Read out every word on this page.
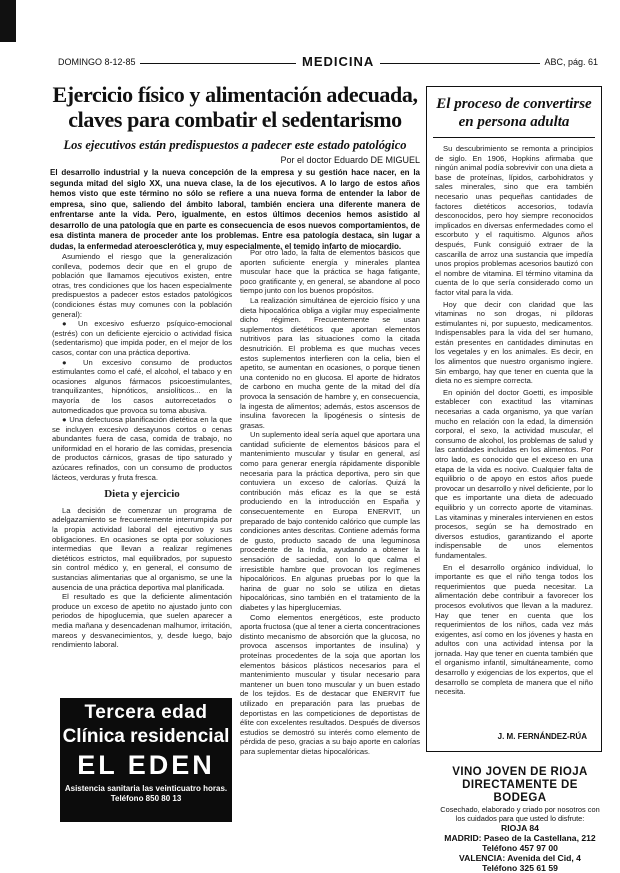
DOMINGO 8-12-85	MEDICINA	ABC, pág. 61
Ejercicio físico y alimentación adecuada, claves para combatir el sedentarismo
Los ejecutivos están predispuestos a padecer este estado patológico
Por el doctor Eduardo DE MIGUEL
El desarrollo industrial y la nueva concepción de la empresa y su gestión hace nacer, en la segunda mitad del siglo XX, una nueva clase, la de los ejecutivos. A lo largo de estos años hemos visto que este término no sólo se refiere a una nueva forma de entender la labor de empresa, sino que, saliendo del ámbito laboral, también enciera una diferente manera de enfrentarse ante la vida. Pero, igualmente, en estos últimos decenios hemos asistido al desarrollo de una patología que en parte es consecuencia de esos nuevos comportamientos, de esa distinta manera de proceder ante los problemas. Entre esa patología destaca, sin lugar a dudas, la enfermedad ateroesclerótica y, muy especialmente, el temido infarto de miocardio.

Asumiendo el riesgo que la generalización conlleva, podemos decir que en el grupo de población que llamamos ejecutivos existen, entre otras, tres condiciones que los hacen especialmente predispuestos a padecer estos estados patológicos (condiciones éstas muy comunes con la población general):

● Un excesivo esfuerzo psíquico-emocional (estrés) con un deficiente ejercicio o actividad física (sedentarismo) que impida poder, en el mejor de los casos, contar con una práctica deportiva.

● Un excesivo consumo de productos estimulantes como el café, el alcohol, el tabaco y en ocasiones algunos fármacos psicoestimulantes, tranquilizantes, hipnóticos, ansiolíticos... en la mayoría de los casos autorrecetados o automedicados que provoca su toma abusiva.

● Una defectuosa planificación dietética en la que se incluyen excesivo desayunos cortos o cenas abundantes fuera de casa, comida de trabajo, no uniformidad en el horario de las comidas, presencia de productos cárnicos, grasas de tipo saturado y azúcares refinados, con un consumo de productos lácteos, verduras y fruta fresca.

Dieta y ejercicio

La decisión de comenzar un programa de adelgazamiento se frecuentemente interrumpida por la propia actividad laboral del ejecutivo y sus obligaciones. En ocasiones se opta por soluciones intermedias que llevan a realizar regímenes dietéticos estrictos, mal equilibrados, por supuesto sin control médico y, en general, el consumo de sustancias alimentarias que al organismo, se une la ausencia de una práctica deportiva mal planificada.

El resultado es que la deficiente alimentación produce un exceso de apetito no ajustado junto con periodos de hipoglucemia, que suelen aparecer a media mañana y desencadenan malhumor, irritación, mareos y desvanecimientos, y, desde luego, bajo rendimiento laboral.

Por otro lado, la falta de elementos básicos que aporten suficiente energía y minerales plantea muscular hace que la práctica se haga fatigante, poco gratificante y, en general, se abandone al poco tiempo junto con los buenos propósitos.

La realización simultánea de ejercicio físico y una dieta hipocalórica obliga a vigilar muy especialmente dicho régimen. Frecuentemente se usan suplementos dietéticos que aportan elementos nutritivos para las situaciones como la citada desnutrición. El problema es que muchas veces estos suplementos interfieren con la celia, bien el apetito, se aumentan en ocasiones, o porque tienen una contenido no en glucosa. El aporte de hidratos de carbono en mucha gente de la mitad del día provoca la sensación de hambre y, en consecuencia, la ingesta de alimentos; además, estos ascensos de insulina favorecen la lipogénesis o síntesis de grasas.

Un suplemento ideal sería aquel que aportara una cantidad suficiente de elementos básicos para el mantenimiento muscular y tisular en general, así como para generar energía rápidamente disponible necesaria para la práctica deportiva, pero sin que contuviera un exceso de calorías. Quizá la contribución más eficaz es la que se está produciendo en la introducción en España y consecuentemente en Europa ENERVIT, un preparado de bajo contenido calórico que cumple las condiciones antes descritas. Contiene además forma de gusto, producto sacado de una leguminosa procedente de la India, ayudando a obtener la sensación de saciedad, con lo que calma el irresistible hambre que provocan los regímenes hipocalóricos. En algunas pruebas por lo que la harina de guar no solo se utiliza en dietas hipocalóricas, sino también en el tratamiento de la diabetes y las hiperglucemias.

Como elementos energéticos, este producto aporta fructosa (que al tener a cierta concentraciones distinto mecanismo de absorción que la glucosa, no provoca ascensos importantes de insulina) y proteínas procedentes de la soja que aportan los elementos básicos plásticos necesarios para el mantenimiento muscular y tisular necesario para mantener un buen tono muscular y un buen estado de los tejidos. Es de destacar que ENERVIT fue utilizado en preparación para las pruebas de deportistas en las competiciones de deportistas de élite con excelentes resultados. Después de diversos estudios se demostró su interés como elemento de pérdida de peso, gracias a su bajo aporte en calorías para suplementar dietas hipocalóricas.

Tercera edad
Clínica residencial
EL EDEN
Asistencia sanitaria las veinticuatro horas. Teléfono 850 80 13
El proceso de convertirse en persona adulta

Su descubrimiento se remonta a principios de siglo. En 1906, Hopkins afirmaba que ningún animal podía sobrevivir con una dieta a base de proteínas, lípidos, carbohidratos y sales minerales, sino que era también necesario unas pequeñas cantidades de factores dietéticos accesorios, todavía desconocidos, pero hoy siempre reconocidos implicados en diversas enfermedades como el escorbuto y el raquitismo. Algunos años después, Funk consiguió extraer de la cascarilla de arroz una sustancia que impedía unos propios problemas acesorios bautizó con el nombre de vitamina. El término vitamina da cuenta de lo que sería considerado como un factor vital para la vida.

Hoy que decir con claridad que las vitaminas no son drogas, ni píldoras estimulantes ni, por supuesto, medicamentos. Indispensables para la vida del ser humano, están presentes en cantidades diminutas en los vegetales y en los animales. Es decir, en los alimentos que nuestro organismo ingiere. Sin embargo, hay que tener en cuenta que la dieta no es siempre correcta.

En opinión del doctor Goetti, es imposible establecer con exactitud las vitaminas necesarias a cada organismo, ya que varían mucho en relación con la edad, la dimensión corporal, el sexo, la actividad muscular, el consumo de alcohol, los problemas de salud y las cantidades incluidas en los alimentos. Por otro lado, es conocido que el exceso en una etapa de la vida es nocivo. Cualquier falta de equilibrio o de apoyo en estos años puede provocar un desarrollo y nivel deficiente, por lo que es importante una dieta de adecuado equilibrio y un correcto aporte de vitaminas. Las vitaminas y minerales intervienen en estos procesos, según se ha demostrado en diversos estudios, garantizando el aporte indispensable de unos elementos fundamentales.

En el desarrollo orgánico individual, lo importante es que el niño tenga todos los requerimientos que pueda necesitar. La alimentación debe contribuir a favorecer los procesos evolutivos que llevan a la madurez. Hay que tener en cuenta que los requerimientos de los niños, cada vez más exigentes, así como en los jóvenes y hasta en adultos con una actividad intensa por la jornada. Hay que tener en cuenta también que el organismo infantil, simultáneamente, como desarrollo y exigencias de los expertos, que el desarrollo se completa de manera que el niño necesita.

J. M. FERNÁNDEZ-RÚA
VINO JOVEN DE RIOJA
DIRECTAMENTE DE BODEGA
Cosechado, elaborado y criado por nosotros con los cuidados para que usted lo disfrute:
RIOJA 84
MADRID: Paseo de la Castellana, 212
Teléfono 457 97 00
VALENCIA: Avenida del Cid, 4
Teléfono 325 61 59
